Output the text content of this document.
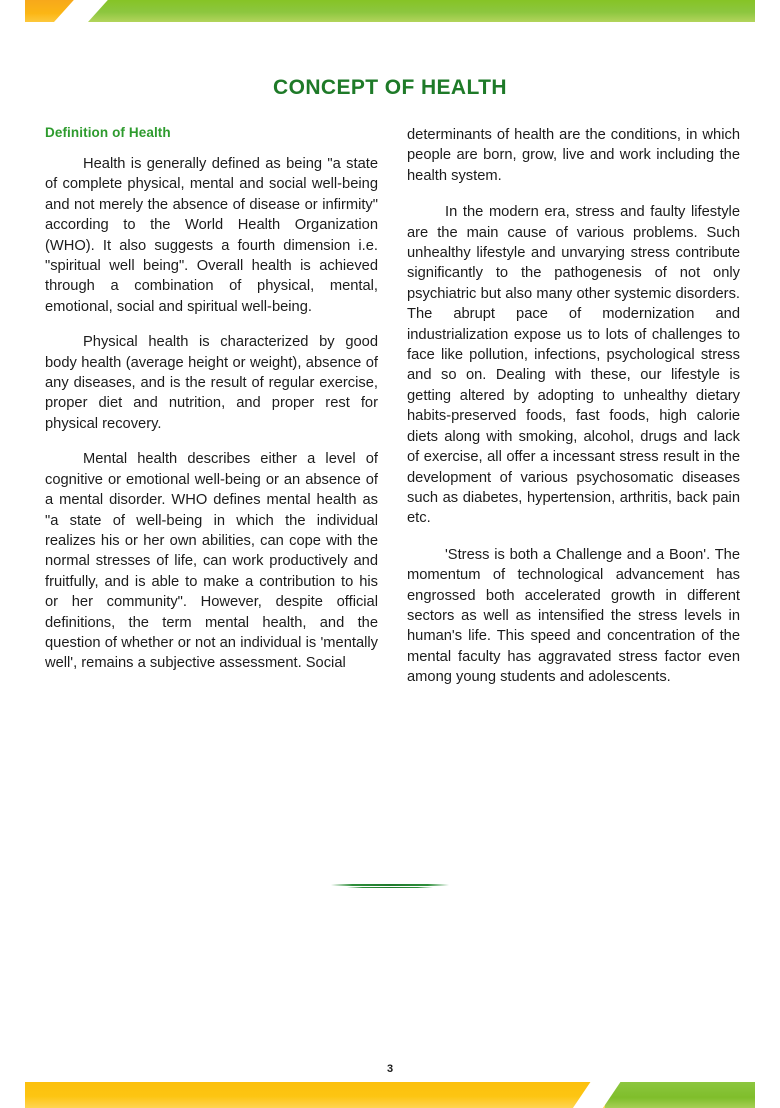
CONCEPT OF HEALTH
Definition of Health

Health is generally defined as being "a state of complete physical, mental and social well-being and not merely the absence of disease or infirmity" according to the World Health Organization (WHO). It also suggests a fourth dimension i.e. "spiritual well being". Overall health is achieved through a combination of physical, mental, emotional, social and spiritual well-being.

Physical health is characterized by good body health (average height or weight), absence of any diseases, and is the result of regular exercise, proper diet and nutrition, and proper rest for physical recovery.

Mental health describes either a level of cognitive or emotional well-being or an absence of a mental disorder. WHO defines mental health as "a state of well-being in which the individual realizes his or her own abilities, can cope with the normal stresses of life, can work productively and fruitfully, and is able to make a contribution to his or her community". However, despite official definitions, the term mental health, and the question of whether or not an individual is 'mentally well', remains a subjective assessment. Social

determinants of health are the conditions, in which people are born, grow, live and work including the health system.

In the modern era, stress and faulty lifestyle are the main cause of various problems. Such unhealthy lifestyle and unvarying stress contribute significantly to the pathogenesis of not only psychiatric but also many other systemic disorders. The abrupt pace of modernization and industrialization expose us to lots of challenges to face like pollution, infections, psychological stress and so on. Dealing with these, our lifestyle is getting altered by adopting to unhealthy dietary habits-preserved foods, fast foods, high calorie diets along with smoking, alcohol, drugs and lack of exercise, all offer a incessant stress result in the development of various psychosomatic diseases such as diabetes, hypertension, arthritis, back pain etc.

'Stress is both a Challenge and a Boon'. The momentum of technological advancement has engrossed both accelerated growth in different sectors as well as intensified the stress levels in human's life. This speed and concentration of the mental faculty has aggravated stress factor even among young students and adolescents.

3
